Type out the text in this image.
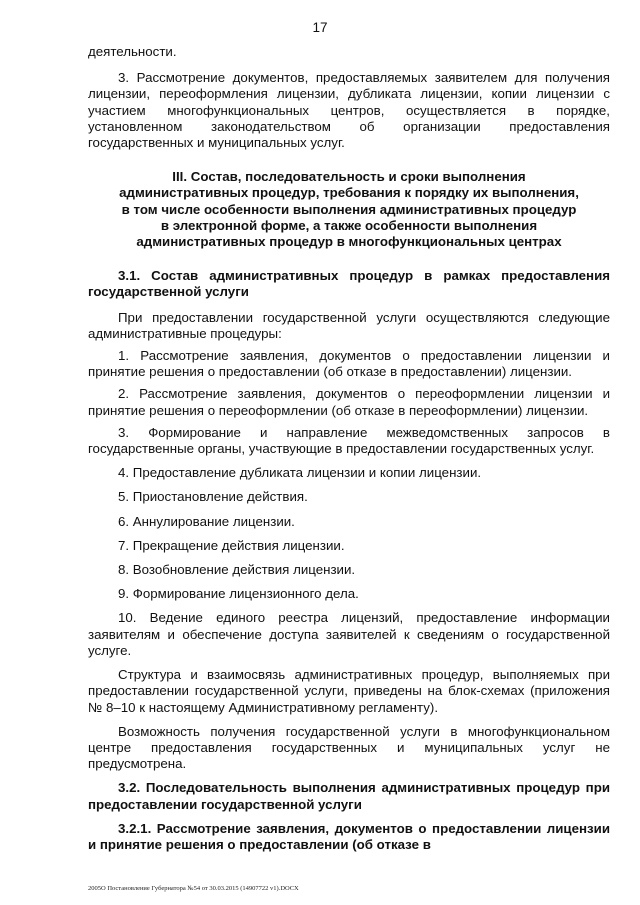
17

деятельности.

3. Рассмотрение документов, предоставляемых заявителем для получения лицензии, переоформления лицензии, дубликата лицензии, копии лицензии с участием многофункциональных центров, осуществляется в порядке, установленном законодательством об организации предоставления государственных и муниципальных услуг.

III. Состав, последовательность и сроки выполнения

административных процедур, требования к порядку их выполнения,

в том числе особенности выполнения административных процедур

в электронной форме, а также особенности выполнения

административных процедур в многофункциональных центрах

3.1. Состав административных процедур в рамках предоставления государственной услуги

При предоставлении государственной услуги осуществляются следующие административные процедуры:

1. Рассмотрение заявления, документов о предоставлении лицензии и принятие решения о предоставлении (об отказе в предоставлении) лицензии.

2. Рассмотрение заявления, документов о переоформлении лицензии и принятие решения о переоформлении (об отказе в переоформлении) лицензии.

3. Формирование и направление межведомственных запросов в государственные органы, участвующие в предоставлении государственных услуг.

4. Предоставление дубликата лицензии и копии лицензии.

5. Приостановление действия.

6. Аннулирование лицензии.

7. Прекращение действия лицензии.

8. Возобновление действия лицензии.

9. Формирование лицензионного дела.

10. Ведение единого реестра лицензий, предоставление информации заявителям и обеспечение доступа заявителей к сведениям о государственной услуге.

Структура и взаимосвязь административных процедур, выполняемых при предоставлении государственной услуги, приведены на блок-схемах (приложения № 8–10 к настоящему Административному регламенту).

Возможность получения государственной услуги в многофункциональном центре предоставления государственных и муниципальных услуг не предусмотрена.

3.2. Последовательность выполнения административных процедур при предоставлении государственной услуги

3.2.1. Рассмотрение заявления, документов о предоставлении лицензии и принятие решения о предоставлении (об отказе в

2005О Постановление Губернатора №54 от 30.03.2015 (14907722 v1).DOCX
